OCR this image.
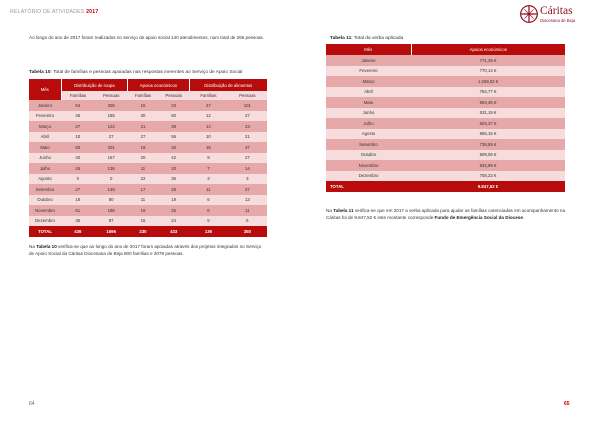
RELATÓRIO DE ATIVIDADES 2017
Ao longo do ano de 2017 foram realizados no serviço de apoio social 140 atendimentos, num total de 265 pessoas.
Tabela 10: Total de famílias e pessoas apoiadas nas respostas inerentes ao Serviço de Apoio Social
Mês	Distribuição de roupa		Apoios económicos		Distribuição de alimentos	
	Famílias	Pessoas	Famílias	Pessoas	Famílias	Pessoas
Janeiro	54	205	16	23	27	101
Fevereiro	46	185	30	60	12	27
Março	27	122	21	39	14	23
Abril	10	27	27	55	10	21
Maio	60	201	19	30	16	47
Junho	40	167	20	42	9	27
Julho	26	136	11	20	7	14
Agosto	0	0	22	36	3	3
Setembro	27	148	17	28	11	27
Outubro	18	80	11	19	6	13
Novembro	61	186	19	26	6	11
Dezembro	35	87	15	24	5	6
TOTAL	436	1596	230	433	136	350
Na Tabela 10 verifica-se que ao longo do ano de 2017 foram apoiadas através dos projetos integrados no Serviço de Apoio Social da Cáritas Diocesana de Beja 800 famílias e 2079 pessoas.
64
Cáritas
Diocesana de Beja
Tabela 11: Total da verba aplicada
Mês	Apoios económicos
Janeiro	771,25 €
Fevereiro	770,14 €
Março	1.269,02 €
Abril	784,77 €
Maio	994,45 €
Junho	531,19 €
Julho	603,37 €
Agosto	965,15 €
Setembro	738,59 €
Outubro	509,06 €
Novembro	832,89 €
Dezembro	758,23 €
TOTAL	9.847,52 €
Na Tabela 11 verifica-se que em 2017 a verba aplicada para ajudar as famílias carenciadas em acompanhamento na Cáritas foi de 9.847,52 € este montante corresponde Fundo de Emergência Social da Diocese.
65
